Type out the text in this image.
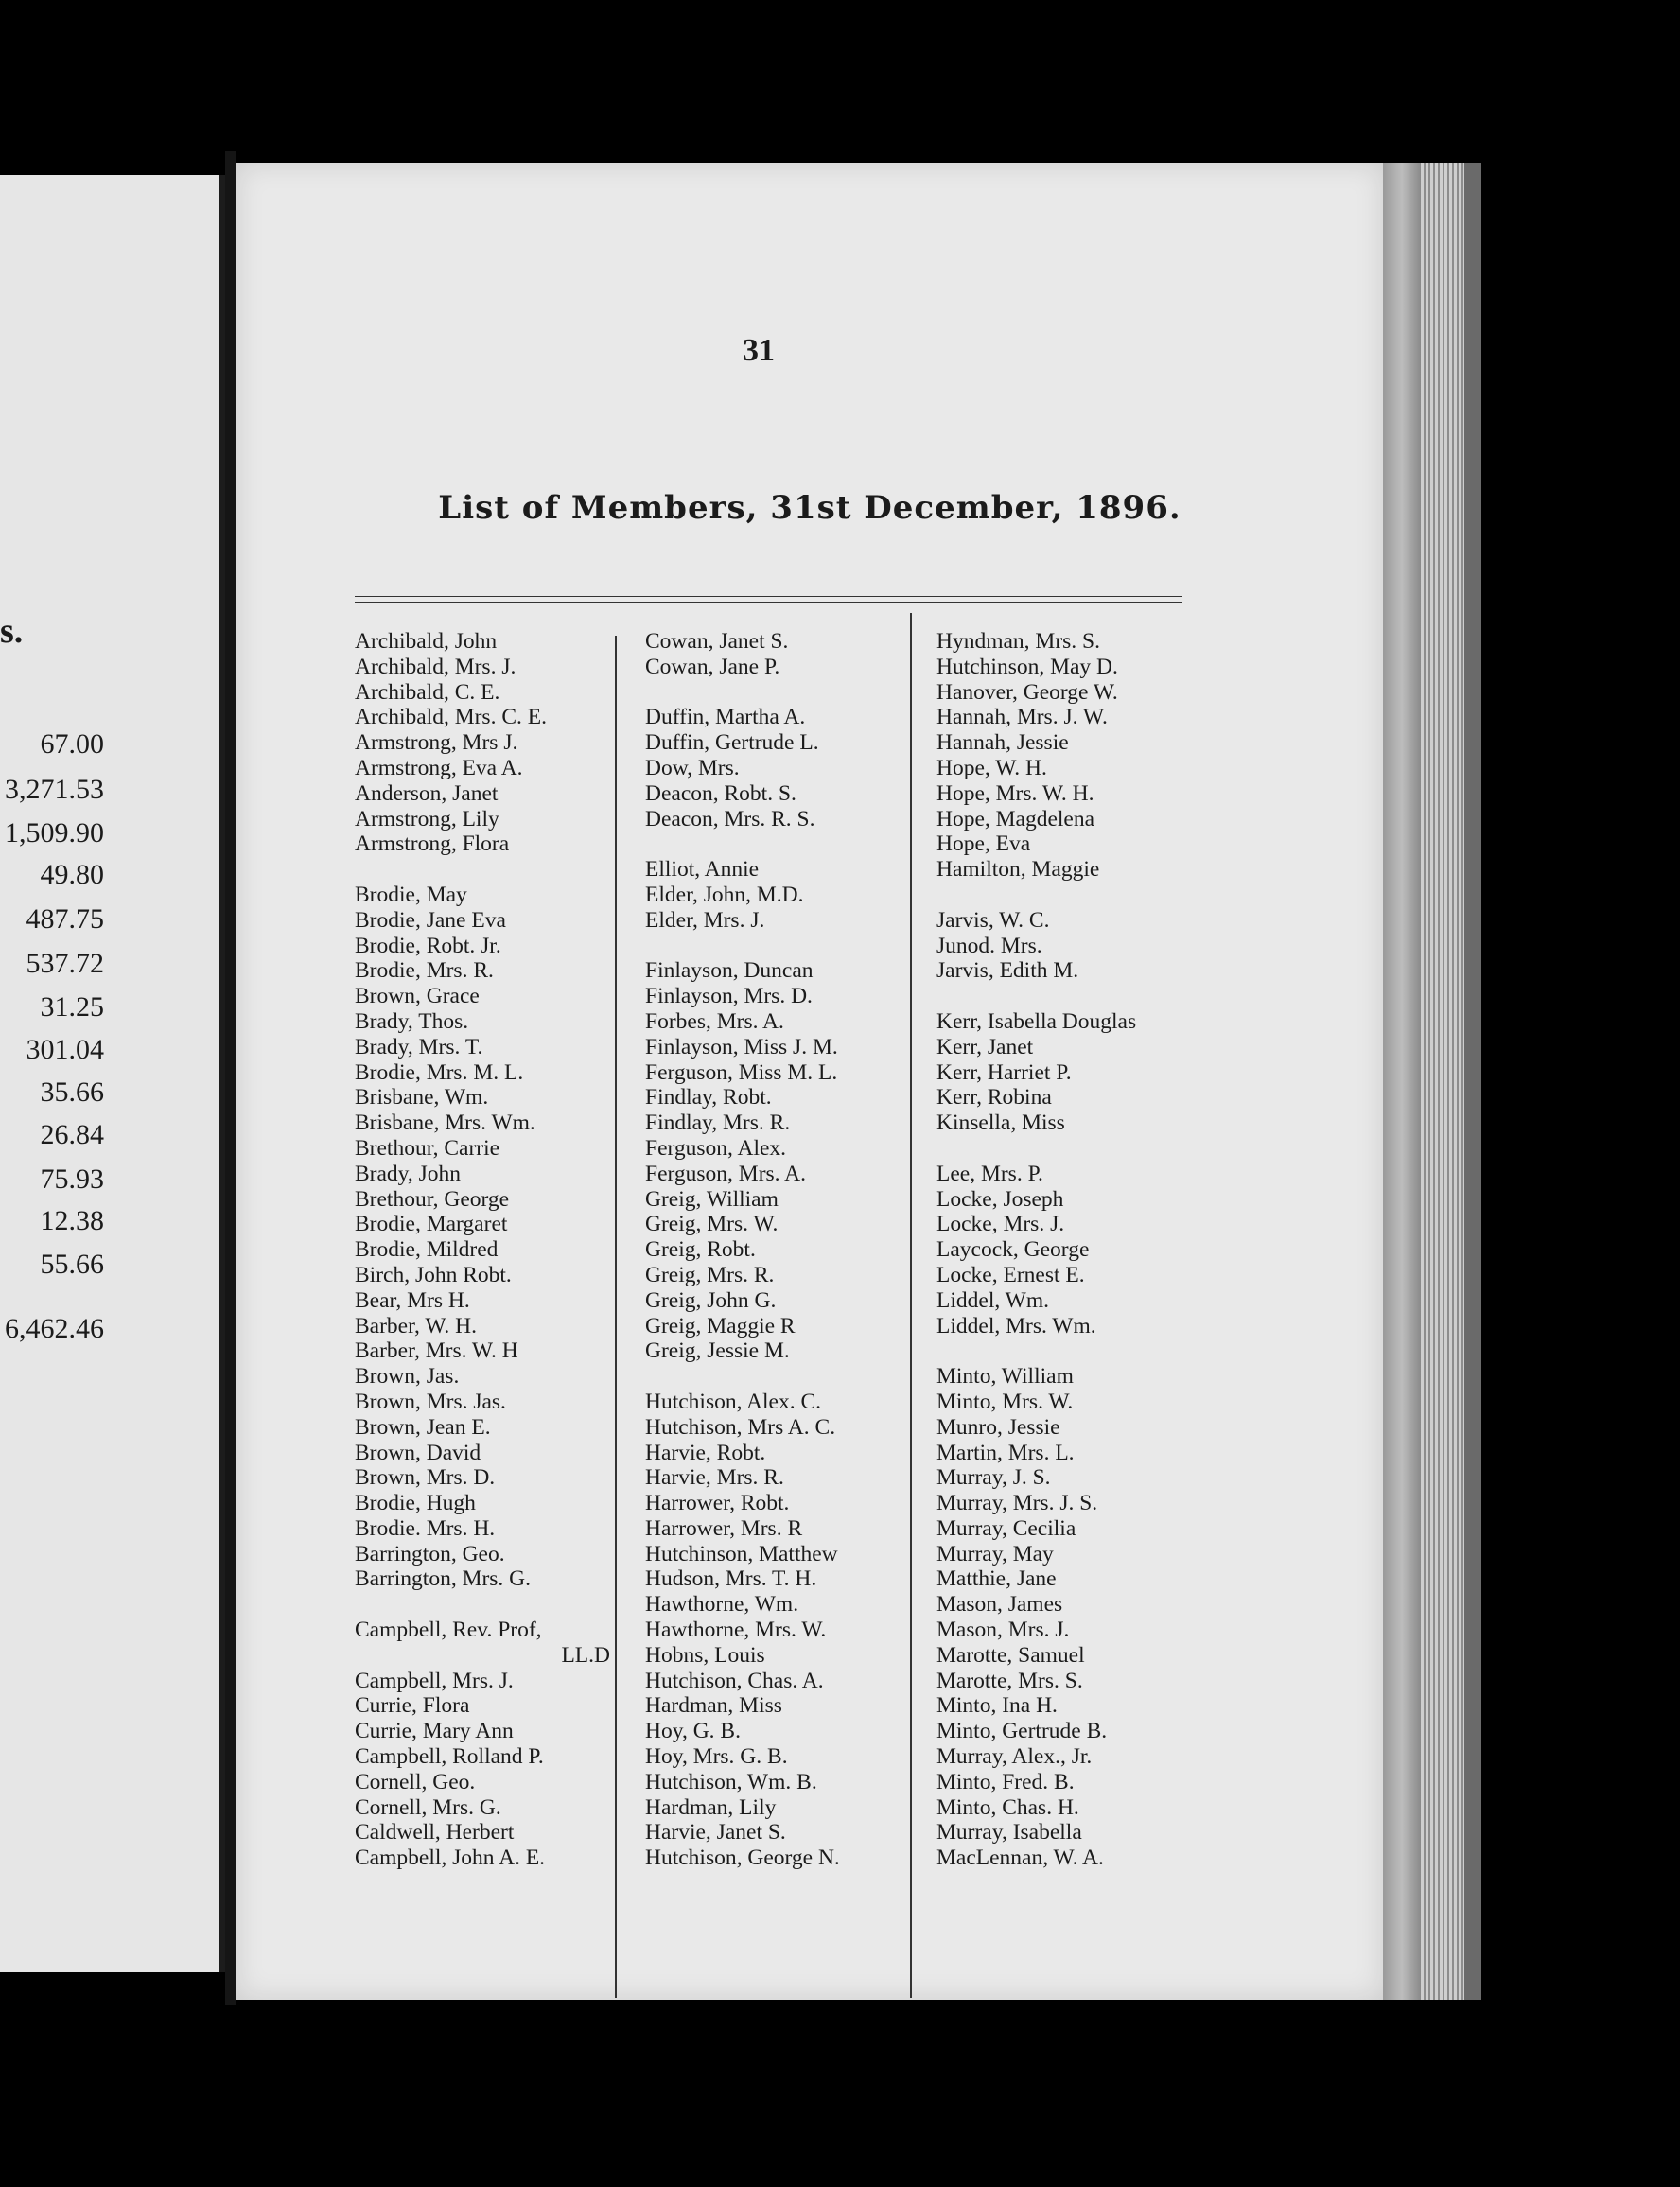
s.
67.00
3,271.53
1,509.90
49.80
487.75
537.72
31.25
301.04
35.66
26.84
75.93
12.38
55.66
6,462.46
31
List of Members, 31st December, 1896.
Archibald, John
Archibald, Mrs. J.
Archibald, C. E.
Archibald, Mrs. C. E.
Armstrong, Mrs J.
Armstrong, Eva A.
Anderson, Janet
Armstrong, Lily
Armstrong, Flora
Brodie, May
Brodie, Jane Eva
Brodie, Robt. Jr.
Brodie, Mrs. R.
Brown, Grace
Brady, Thos.
Brady, Mrs. T.
Brodie, Mrs. M. L.
Brisbane, Wm.
Brisbane, Mrs. Wm.
Brethour, Carrie
Brady, John
Brethour, George
Brodie, Margaret
Brodie, Mildred
Birch, John Robt.
Bear, Mrs H.
Barber, W. H.
Barber, Mrs. W. H
Brown, Jas.
Brown, Mrs. Jas.
Brown, Jean E.
Brown, David
Brown, Mrs. D.
Brodie, Hugh
Brodie. Mrs. H.
Barrington, Geo.
Barrington, Mrs. G.
Campbell, Rev. Prof,
LL.D
Campbell, Mrs. J.
Currie, Flora
Currie, Mary Ann
Campbell, Rolland P.
Cornell, Geo.
Cornell, Mrs. G.
Caldwell, Herbert
Campbell, John A. E.
Cowan, Janet S.
Cowan, Jane P.
Duffin, Martha A.
Duffin, Gertrude L.
Dow, Mrs.
Deacon, Robt. S.
Deacon, Mrs. R. S.
Elliot, Annie
Elder, John, M.D.
Elder, Mrs. J.
Finlayson, Duncan
Finlayson, Mrs. D.
Forbes, Mrs. A.
Finlayson, Miss J. M.
Ferguson, Miss M. L.
Findlay, Robt.
Findlay, Mrs. R.
Ferguson, Alex.
Ferguson, Mrs. A.
Greig, William
Greig, Mrs. W.
Greig, Robt.
Greig, Mrs. R.
Greig, John G.
Greig, Maggie R
Greig, Jessie M.
Hutchison, Alex. C.
Hutchison, Mrs A. C.
Harvie, Robt.
Harvie, Mrs. R.
Harrower, Robt.
Harrower, Mrs. R
Hutchinson, Matthew
Hudson, Mrs. T. H.
Hawthorne, Wm.
Hawthorne, Mrs. W.
Hobns, Louis
Hutchison, Chas. A.
Hardman, Miss
Hoy, G. B.
Hoy, Mrs. G. B.
Hutchison, Wm. B.
Hardman, Lily
Harvie, Janet S.
Hutchison, George N.
Hyndman, Mrs. S.
Hutchinson, May D.
Hanover, George W.
Hannah, Mrs. J. W.
Hannah, Jessie
Hope, W. H.
Hope, Mrs. W. H.
Hope, Magdelena
Hope, Eva
Hamilton, Maggie
Jarvis, W. C.
Junod. Mrs.
Jarvis, Edith M.
Kerr, Isabella Douglas
Kerr, Janet
Kerr, Harriet P.
Kerr, Robina
Kinsella, Miss
Lee, Mrs. P.
Locke, Joseph
Locke, Mrs. J.
Laycock, George
Locke, Ernest E.
Liddel, Wm.
Liddel, Mrs. Wm.
Minto, William
Minto, Mrs. W.
Munro, Jessie
Martin, Mrs. L.
Murray, J. S.
Murray, Mrs. J. S.
Murray, Cecilia
Murray, May
Matthie, Jane
Mason, James
Mason, Mrs. J.
Marotte, Samuel
Marotte, Mrs. S.
Minto, Ina H.
Minto, Gertrude B.
Murray, Alex., Jr.
Minto, Fred. B.
Minto, Chas. H.
Murray, Isabella
MacLennan, W. A.
